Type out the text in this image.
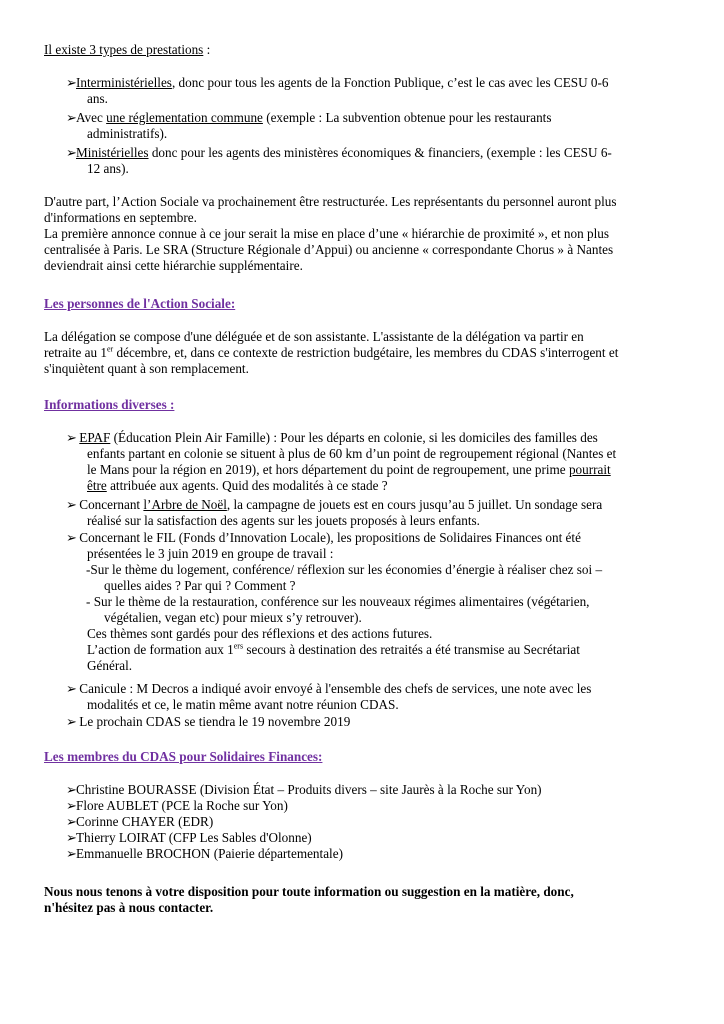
Il existe 3 types de prestations :
➢Interministérielles, donc pour tous les agents de la Fonction Publique, c’est le cas avec les CESU 0-6
ans.
➢Avec une réglementation commune (exemple : La subvention obtenue pour les restaurants
administratifs).
➢Ministérielles donc pour les agents des ministères économiques & financiers, (exemple : les CESU 6-
12 ans).
D'autre part, l’Action Sociale va prochainement être restructurée. Les représentants du personnel auront plus
d'informations en septembre.
La première annonce connue à ce jour serait la mise en place d’une « hiérarchie de proximité », et non plus
centralisée à Paris. Le SRA (Structure Régionale d’Appui) ou ancienne « correspondante Chorus » à Nantes
deviendrait ainsi cette hiérarchie supplémentaire.
Les personnes de l'Action Sociale:
La délégation se compose d'une déléguée et de son assistante. L'assistante de la délégation va partir en
retraite au 1er décembre, et, dans ce contexte de restriction budgétaire, les membres du CDAS s'interrogent et
s'inquiètent quant à son remplacement.
Informations diverses :
➢ EPAF (Éducation Plein Air Famille) : Pour les départs en colonie, si les domiciles des familles des
enfants partant en colonie se situent à plus de 60 km d’un point de regroupement régional (Nantes et
le Mans pour la région en 2019), et hors département du point de regroupement, une prime pourrait
être attribuée aux agents. Quid des modalités à ce stade ?
➢ Concernant l’Arbre de Noël, la campagne de jouets est en cours jusqu’au 5 juillet. Un sondage sera
réalisé sur la satisfaction des agents sur les jouets proposés à leurs enfants.
➢ Concernant le FIL (Fonds d’Innovation Locale), les propositions de Solidaires Finances ont été
présentées le 3 juin 2019 en groupe de travail :
-Sur le thème du logement, conférence/ réflexion sur les économies d’énergie à réaliser chez soi –
quelles aides ? Par qui ? Comment ?
- Sur le thème de la restauration, conférence sur les nouveaux régimes alimentaires (végétarien,
végétalien, vegan etc) pour mieux s’y retrouver).
Ces thèmes sont gardés pour des réflexions et des actions futures.
L’action de formation aux 1ers secours à destination des retraités a été transmise au Secrétariat
Général.
➢ Canicule : M Decros a indiqué avoir envoyé à l'ensemble des chefs de services, une note avec les
modalités et ce, le matin même avant notre réunion CDAS.
➢ Le prochain CDAS se tiendra le 19 novembre 2019
Les membres du CDAS pour Solidaires Finances:
➢Christine BOURASSE (Division État – Produits divers – site Jaurès à la Roche sur Yon)
➢Flore AUBLET (PCE la Roche sur Yon)
➢Corinne CHAYER (EDR)
➢Thierry LOIRAT (CFP Les Sables d'Olonne)
➢Emmanuelle BROCHON (Paierie départementale)
Nous nous tenons à votre disposition pour toute information ou suggestion en la matière, donc,
n'hésitez pas à nous contacter.
